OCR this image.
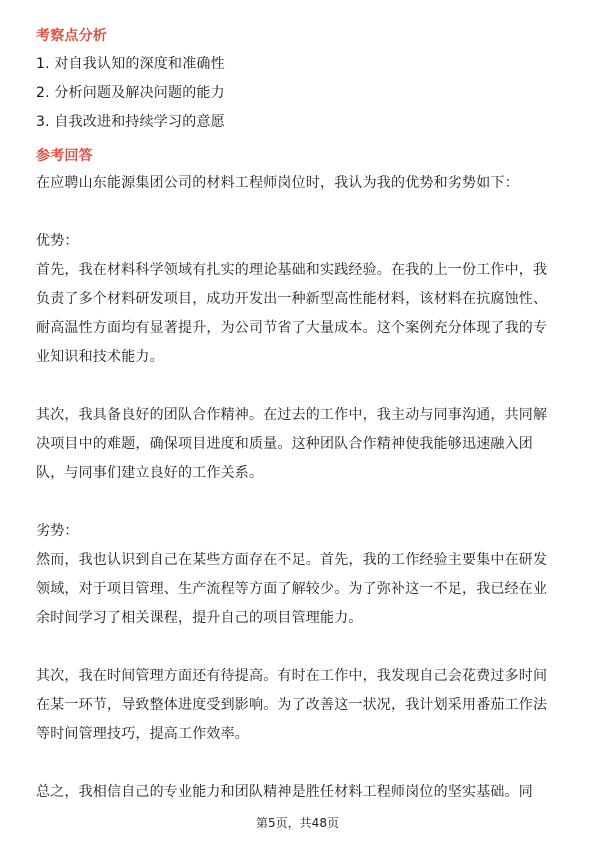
考察点分析
1. 对自我认知的深度和准确性
2. 分析问题及解决问题的能力
3. 自我改进和持续学习的意愿
参考回答
在应聘山东能源集团公司的材料工程师岗位时，我认为我的优势和劣势如下：
优势：
首先，我在材料科学领域有扎实的理论基础和实践经验。在我的上一份工作中，我
负责了多个材料研发项目，成功开发出一种新型高性能材料，该材料在抗腐蚀性、
耐高温性方面均有显著提升，为公司节省了大量成本。这个案例充分体现了我的专
业知识和技术能力。
其次，我具备良好的团队合作精神。在过去的工作中，我主动与同事沟通，共同解
决项目中的难题，确保项目进度和质量。这种团队合作精神使我能够迅速融入团
队，与同事们建立良好的工作关系。
劣势：
然而，我也认识到自己在某些方面存在不足。首先，我的工作经验主要集中在研发
领域，对于项目管理、生产流程等方面了解较少。为了弥补这一不足，我已经在业
余时间学习了相关课程，提升自己的项目管理能力。
其次，我在时间管理方面还有待提高。有时在工作中，我发现自己会花费过多时间
在某一环节，导致整体进度受到影响。为了改善这一状况，我计划采用番茄工作法
等时间管理技巧，提高工作效率。
总之，我相信自己的专业能力和团队精神是胜任材料工程师岗位的坚实基础。同
第5页，共48页
